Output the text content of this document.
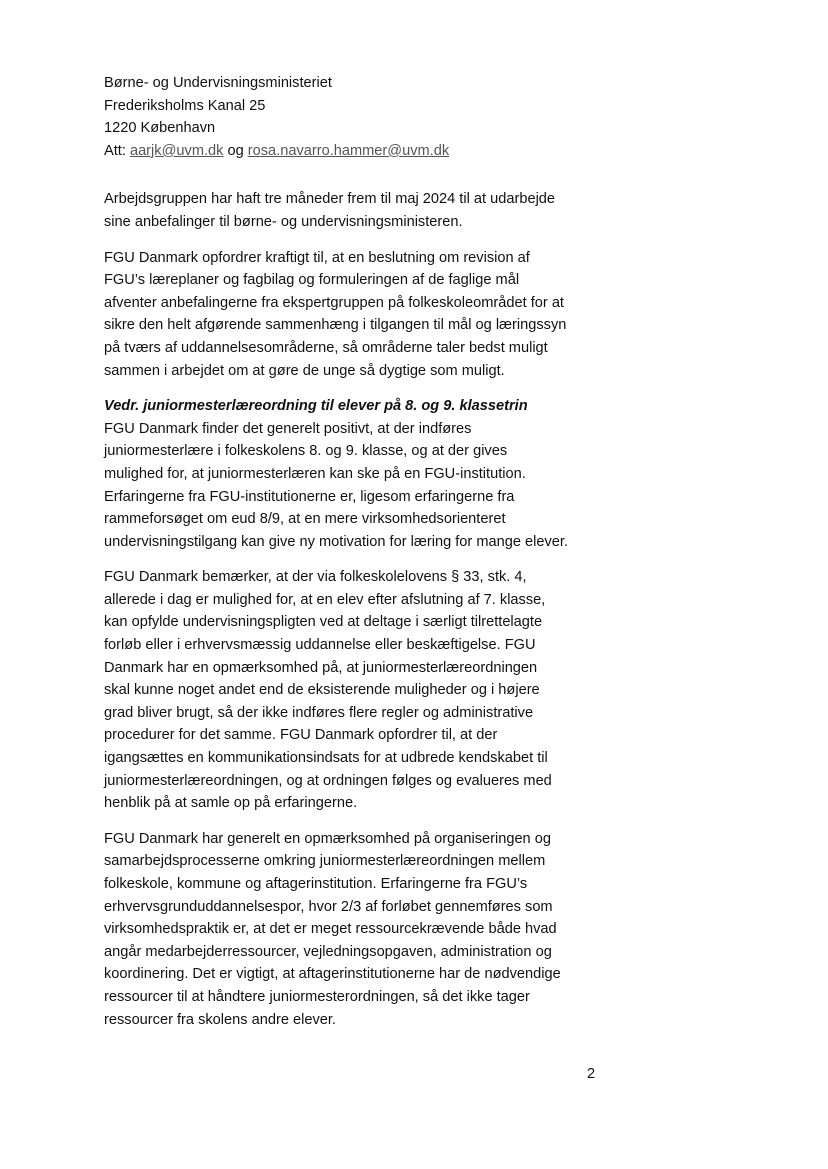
Børne- og Undervisningsministeriet
Frederiksholms Kanal 25
1220 København
Att: aarjk@uvm.dk og rosa.navarro.hammer@uvm.dk

Arbejdsgruppen har haft tre måneder frem til maj 2024 til at udarbejde
sine anbefalinger til børne- og undervisningsministeren.

FGU Danmark opfordrer kraftigt til, at en beslutning om revision af
FGU’s læreplaner og fagbilag og formuleringen af de faglige mål
afventer anbefalingerne fra ekspertgruppen på folkeskoleområdet for at
sikre den helt afgørende sammenhæng i tilgangen til mål og læringssyn
på tværs af uddannelsesområderne, så områderne taler bedst muligt
sammen i arbejdet om at gøre de unge så dygtige som muligt.

Vedr. juniormesterlæreordning til elever på 8. og 9. klassetrin

FGU Danmark finder det generelt positivt, at der indføres
juniormesterlære i folkeskolens 8. og 9. klasse, og at der gives
mulighed for, at juniormesterlæren kan ske på en FGU-institution.
Erfaringerne fra FGU-institutionerne er, ligesom erfaringerne fra
rammeforsøget om eud 8/9, at en mere virksomhedsorienteret
undervisningstilgang kan give ny motivation for læring for mange elever.

FGU Danmark bemærker, at der via folkeskolelovens § 33, stk. 4,
allerede i dag er mulighed for, at en elev efter afslutning af 7. klasse,
kan opfylde undervisningspligten ved at deltage i særligt tilrettelagte
forløb eller i erhvervsmæssig uddannelse eller beskæftigelse. FGU
Danmark har en opmærksomhed på, at juniormesterlæreordningen
skal kunne noget andet end de eksisterende muligheder og i højere
grad bliver brugt, så der ikke indføres flere regler og administrative
procedurer for det samme. FGU Danmark opfordrer til, at der
igangsættes en kommunikationsindsats for at udbrede kendskabet til
juniormesterlæreordningen, og at ordningen følges og evalueres med
henblik på at samle op på erfaringerne.

FGU Danmark har generelt en opmærksomhed på organiseringen og
samarbejdsprocesserne omkring juniormesterlæreordningen mellem
folkeskole, kommune og aftagerinstitution. Erfaringerne fra FGU’s
erhvervsgrunduddannelsespor, hvor 2/3 af forløbet gennemføres som
virksomhedspraktik er, at det er meget ressourcekrævende både hvad
angår medarbejderressourcer, vejledningsopgaven, administration og
koordinering. Det er vigtigt, at aftagerinstitutionerne har de nødvendige
ressourcer til at håndtere juniormesterordningen, så det ikke tager
ressourcer fra skolens andre elever.

2
